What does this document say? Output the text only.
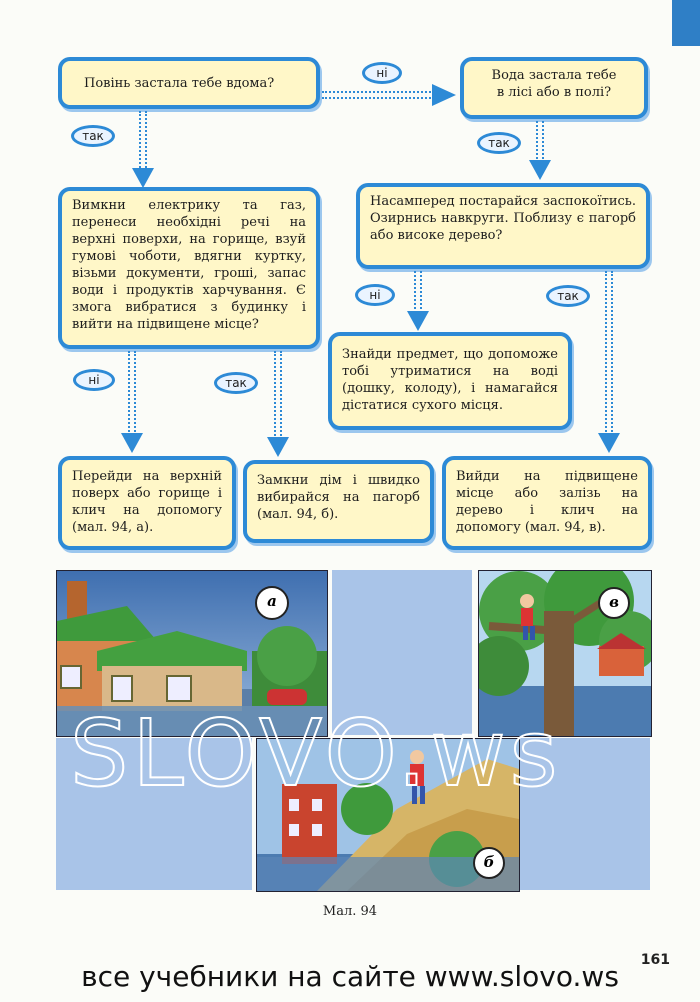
Повінь застала тебе вдома?
Вода застала тебе
в лісі або в полі?
Вимкни електрику та газ, перенеси необхідні речі на верхні поверхи, на горище, взуй гумові чоботи, вдягни куртку, візьми документи, гроші, запас води і продуктів харчування. Є змога вибратися з будинку і вийти на підвищене місце?
Насамперед постарайся заспокоїтись. Озирнись навкруги. Поблизу є пагорб або високе дерево?
Знайди предмет, що допоможе тобі утриматися на воді (дошку, колоду), і намагайся дістатися сухого місця.
Перейди на верхній поверх або горище і клич на допомогу (мал. 94, а).
Замкни дім і швидко вибирайся на пагорб (мал. 94, б).
Вийди на підвищене місце або залізь на дерево і клич на допомогу (мал. 94, в).
ні
так	так
ні	так
ні	так
а	в
б
SLOVO.ws
Мал. 94
161
все учебники на сайте www.slovo.ws
